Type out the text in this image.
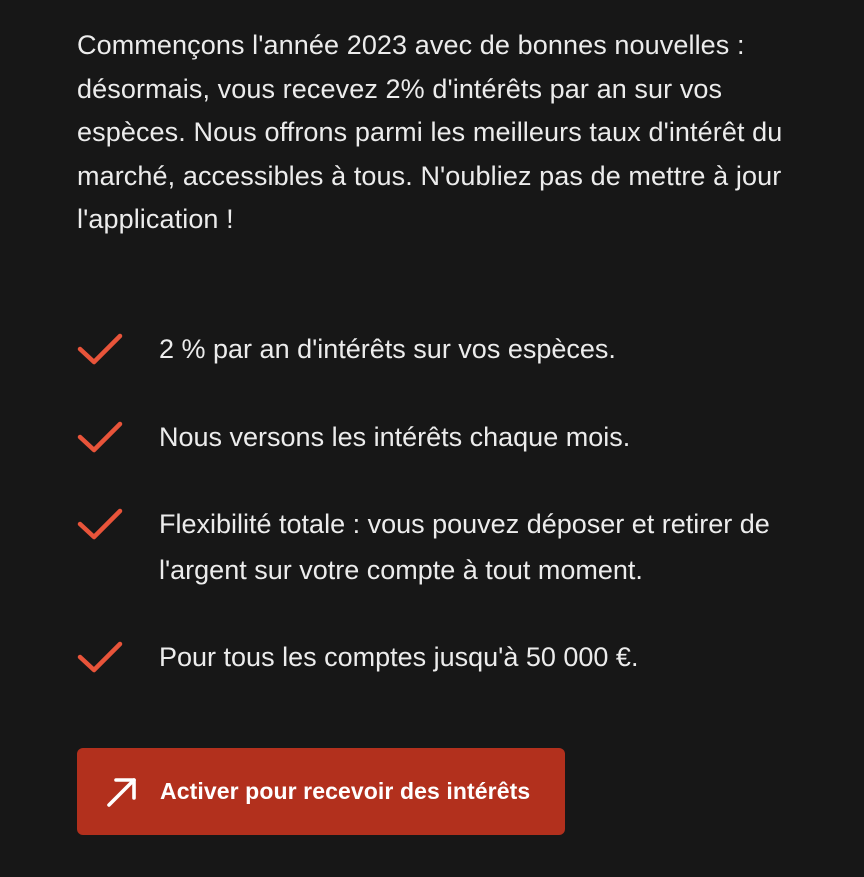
Commençons l'année 2023 avec de bonnes nouvelles : désormais, vous recevez 2% d'intérêts par an sur vos espèces. Nous offrons parmi les meilleurs taux d'intérêt du marché, accessibles à tous. N'oubliez pas de mettre à jour l'application !

2 % par an d'intérêts sur vos espèces.
Nous versons les intérêts chaque mois.
Flexibilité totale : vous pouvez déposer et retirer de l'argent sur votre compte à tout moment.
Pour tous les comptes jusqu'à 50 000 €.
Activer pour recevoir des intérêts
